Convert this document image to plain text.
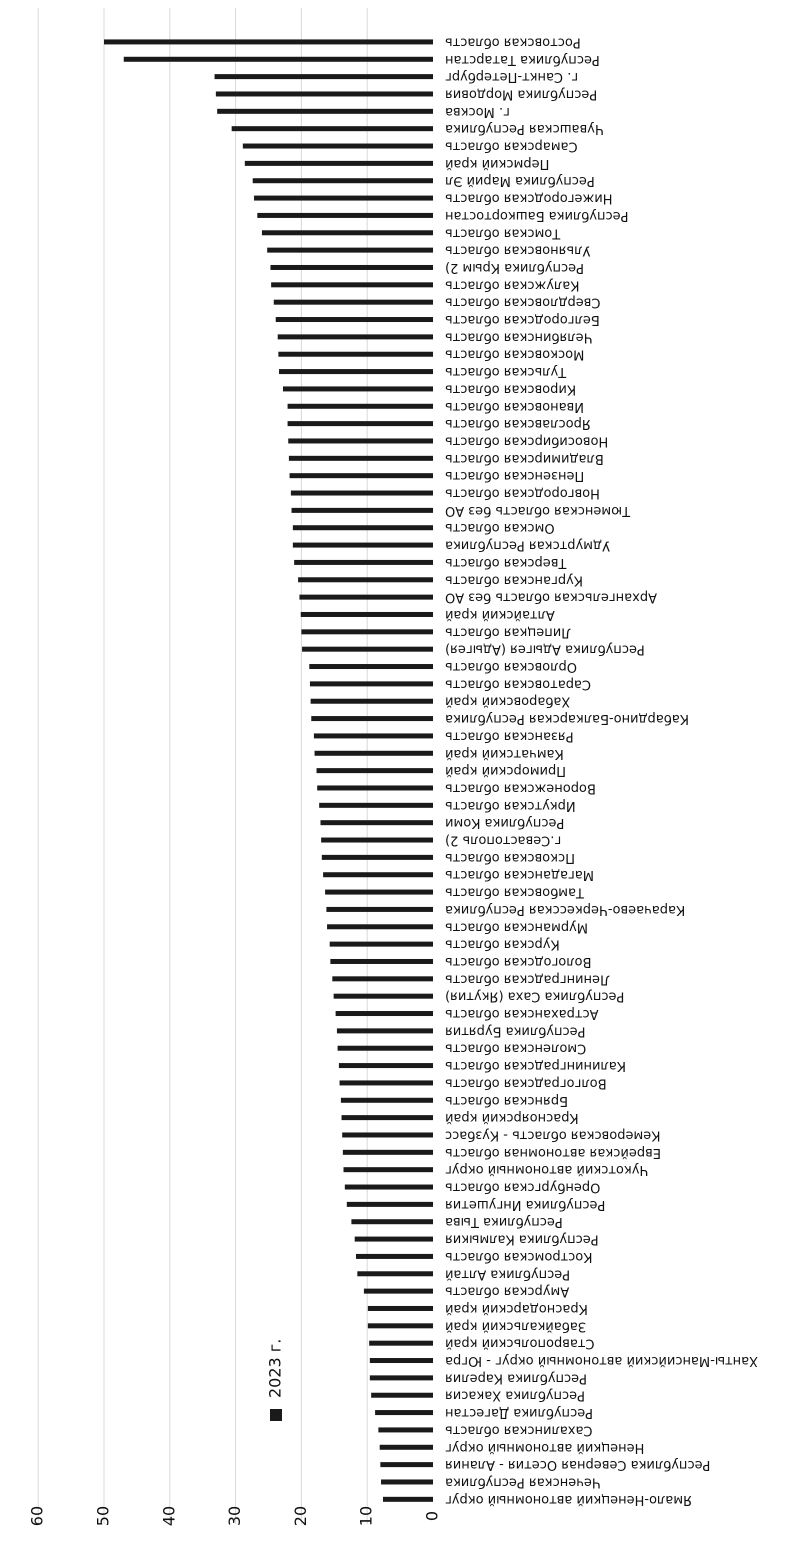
Ростовская область
Республика Татарстан
г. Санкт-Петербург
Республика Мордовия
г. Москва
Чувашская Республика
Самарская область
Пермский край
Республика Марий Эл
Нижегородская область
Республика Башкортостан
Томская область
Ульяновская область
Республика Крым 2)
Калужская область
Свердловская область
Белгородская область
Челябинская область
Московская область
Тульская область
Кировская область
Ивановская область
Ярославская область
Новосибирская область
Владимирская область
Пензенская область
Новгородская область
Тюменская область без АО
Омская область
Удмуртская Республика
Тверская область
Курганская область
Архангельская область без АО
Алтайский край
Липецкая область
Республика Адыгея (Адыгея)
Орловская область
Саратовская область
Хабаровский край
Кабардино-Балкарская Республика
Рязанская область
Камчатский край
Приморский край
Воронежская область
Иркутская область
Республика Коми
г.Севастополь 2)
Псковская область
Магаданская область
Тамбовская область
Карачаево-Черкесская Республика
Мурманская область
Курская область
Вологодская область
Ленинградская область
Республика Саха (Якутия)
Астраханская область
Республика Бурятия
Смоленская область
Калининградская область
Волгоградская область
Брянская область
Красноярский край
Кемеровская область - Кузбасс
Еврейская автономная область
Чукотский автономный округ
Оренбургская область
Республика Ингушетия
Республика Тыва
Республика Калмыкия
Костромская область
Республика Алтай
Амурская область
Краснодарский край
Забайкальский край
Ставропольский край
Ханты-Мансийский автономный округ - Югра
Республика Карелия
Республика Хакасия
Республика Дагестан
Сахалинская область
Ненецкий автономный округ
Республика Северная Осетия - Алания
Чеченская Республика
Ямало-Ненецкий автономный округ
0
10
20
30
40
50
60
2023 г.
